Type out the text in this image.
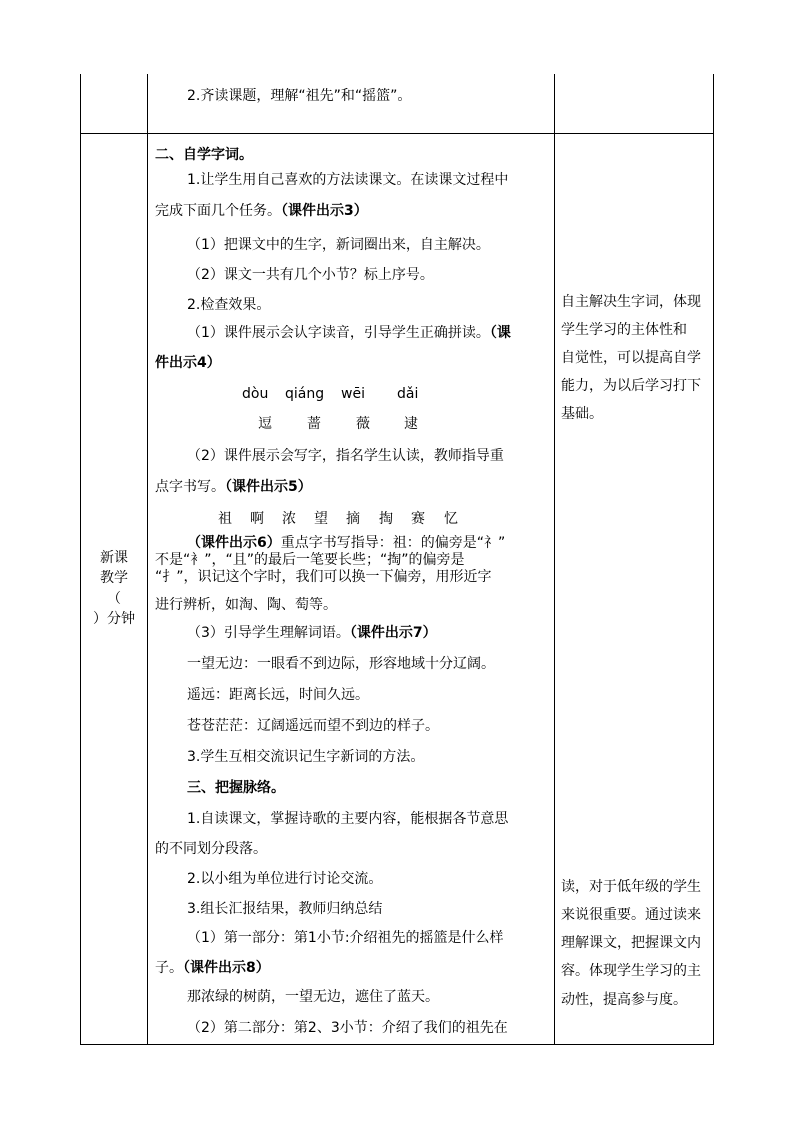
2.齐读课题，理解“祖先”和“摇篮”。
新课
教学
（
）分钟
二、自学字词。
1.让学生用自己喜欢的方法读课文。在读课文过程中
完成下面几个任务。（课件出示3）
（1）把课文中的生字，新词圈出来，自主解决。
（2）课文一共有几个小节？标上序号。
2.检查效果。
（1）课件展示会认字读音，引导学生正确拼读。（课
件出示4）
dòu qiáng wēi dǎi
逗	蔷	薇 逮
（2）课件展示会写字，指名学生认读，教师指导重
点字书写。（课件出示5）
祖 啊 浓 望 摘 掏 赛 忆
（课件出示6）重点字书写指导：祖：的偏旁是“礻”
不是“衤”，“且”的最后一笔要长些；“掏”的偏旁是
“扌”，识记这个字时，我们可以换一下偏旁，用形近字
进行辨析，如淘、陶、萄等。
（3）引导学生理解词语。（课件出示7）
一望无边：一眼看不到边际，形容地域十分辽阔。
遥远：距离长远，时间久远。
苍苍茫茫：辽阔遥远而望不到边的样子。
3.学生互相交流识记生字新词的方法。
三、把握脉络。
1.自读课文，掌握诗歌的主要内容，能根据各节意思
的不同划分段落。
2.以小组为单位进行讨论交流。
3.组长汇报结果，教师归纳总结
（1）第一部分：第1小节:介绍祖先的摇篮是什么样
子。（课件出示8）
那浓绿的树荫，一望无边，遮住了蓝天。
（2）第二部分：第2、3小节：介绍了我们的祖先在
自主解决生字词，体现
学生学习的主体性和
自觉性，可以提高自学
能力，为以后学习打下
基础。
读，对于低年级的学生
来说很重要。通过读来
理解课文，把握课文内
容。体现学生学习的主
动性，提高参与度。
